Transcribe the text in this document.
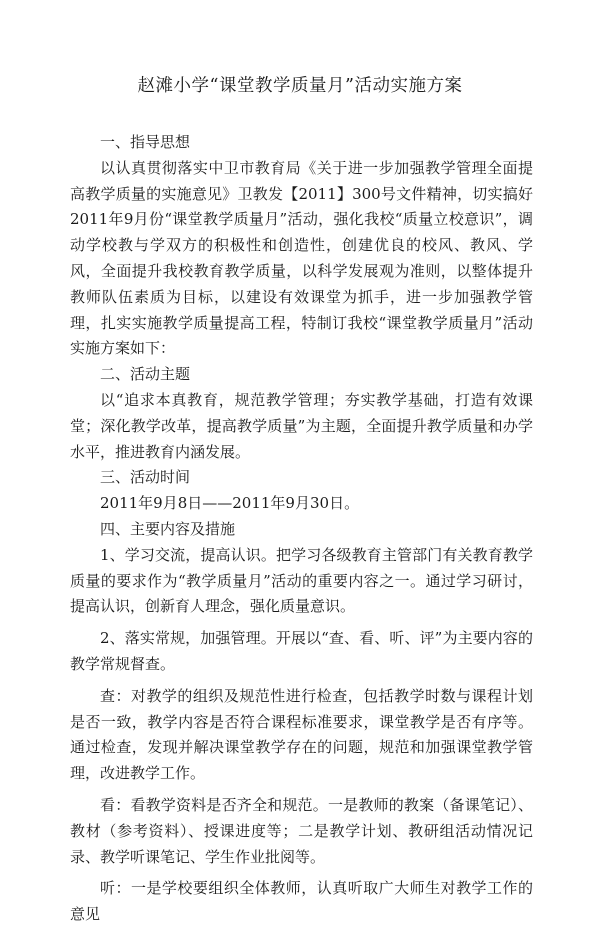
赵滩小学“课堂教学质量月”活动实施方案

一、指导思想

以认真贯彻落实中卫市教育局《关于进一步加强教学管理全面提高教学质量的实施意见》卫教发【2011】300号文件精神，切实搞好2011年9月份“课堂教学质量月”活动，强化我校“质量立校意识”，调动学校教与学双方的积极性和创造性，创建优良的校风、教风、学风，全面提升我校教育教学质量，以科学发展观为准则，以整体提升教师队伍素质为目标，以建设有效课堂为抓手，进一步加强教学管理，扎实实施教学质量提高工程，特制订我校“课堂教学质量月”活动实施方案如下：

二、活动主题

以“追求本真教育，规范教学管理；夯实教学基础，打造有效课堂；深化教学改革，提高教学质量”为主题，全面提升教学质量和办学水平，推进教育内涵发展。

三、活动时间

2011年9月8日——2011年9月30日。

四、主要内容及措施

1、学习交流，提高认识。把学习各级教育主管部门有关教育教学质量的要求作为“教学质量月”活动的重要内容之一。通过学习研讨，提高认识，创新育人理念，强化质量意识。

2、落实常规，加强管理。开展以“查、看、听、评”为主要内容的教学常规督查。

查：对教学的组织及规范性进行检查，包括教学时数与课程计划是否一致，教学内容是否符合课程标准要求，课堂教学是否有序等。通过检查，发现并解决课堂教学存在的问题，规范和加强课堂教学管理，改进教学工作。

看：看教学资料是否齐全和规范。一是教师的教案（备课笔记）、教材（参考资料）、授课进度等；二是教学计划、教研组活动情况记录、教学听课笔记、学生作业批阅等。

听：一是学校要组织全体教师，认真听取广大师生对教学工作的意见
